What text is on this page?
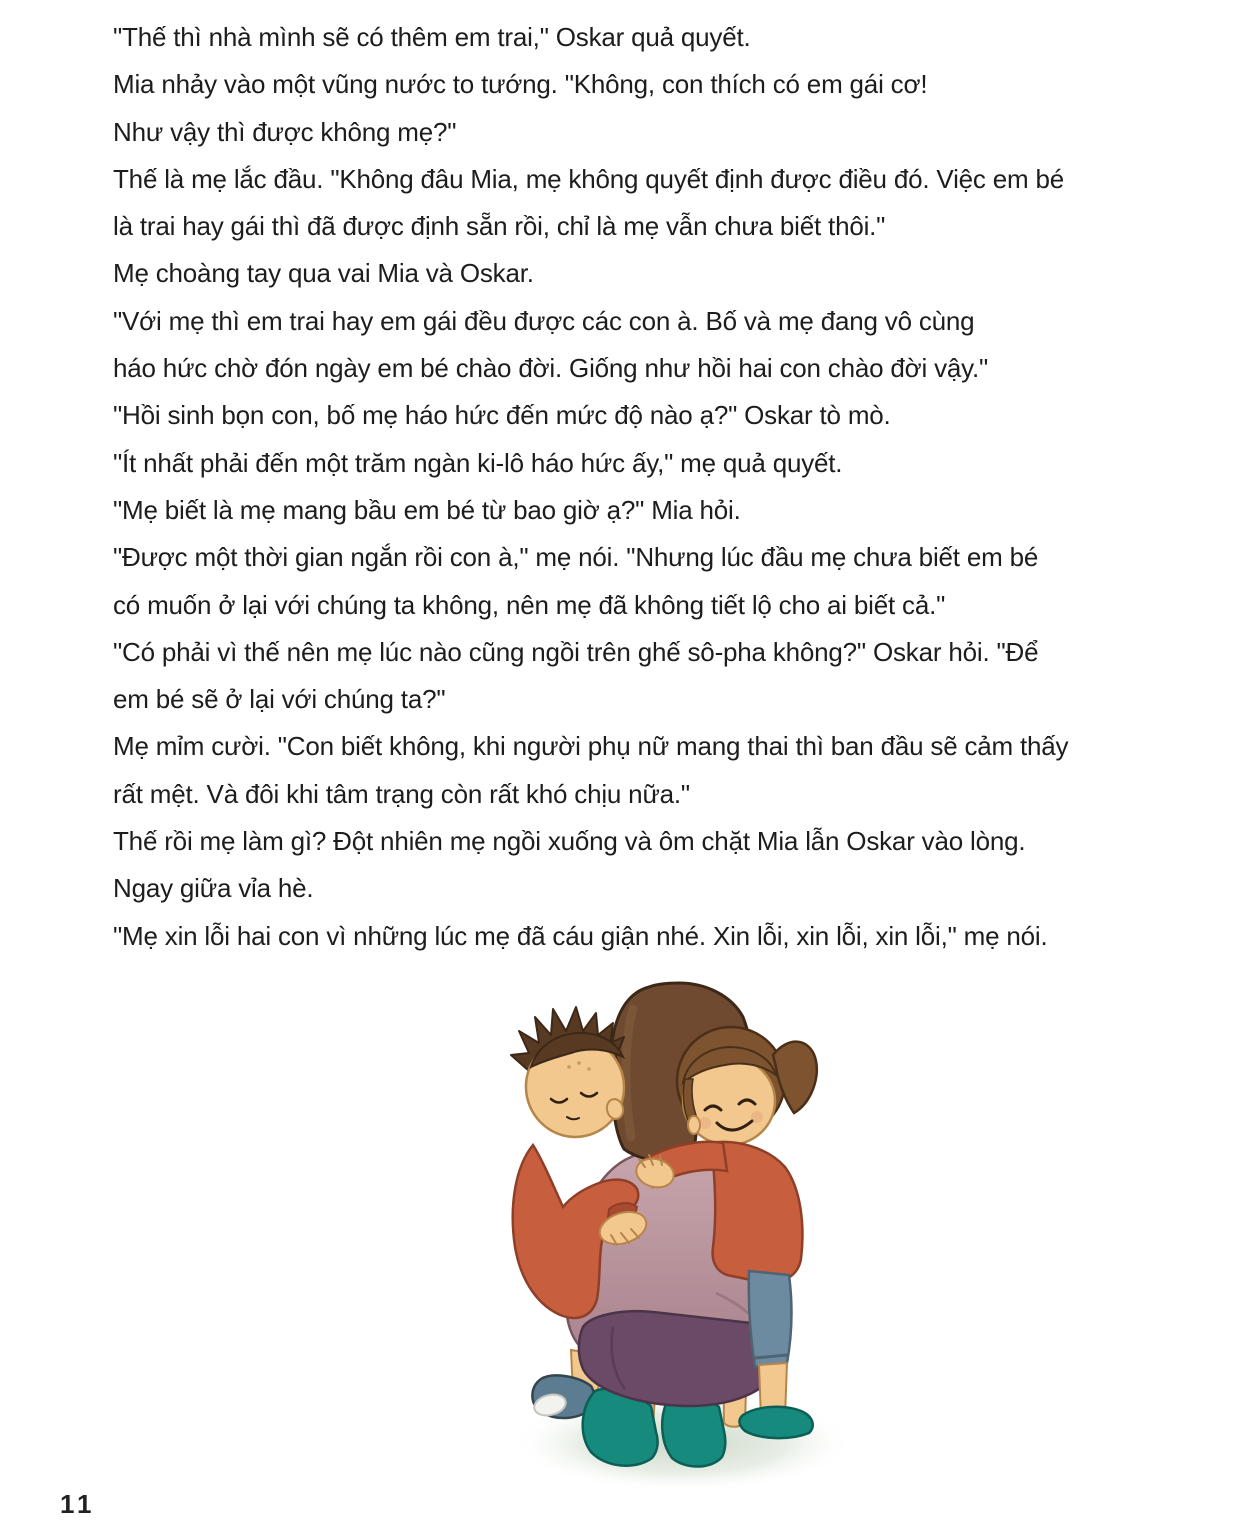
"Thế thì nhà mình sẽ có thêm em trai," Oskar quả quyết.
Mia nhảy vào một vũng nước to tướng. "Không, con thích có em gái cơ!
Như vậy thì được không mẹ?"
Thế là mẹ lắc đầu. "Không đâu Mia, mẹ không quyết định được điều đó. Việc em bé
là trai hay gái thì đã được định sẵn rồi, chỉ là mẹ vẫn chưa biết thôi."
Mẹ choàng tay qua vai Mia và Oskar.
"Với mẹ thì em trai hay em gái đều được các con à. Bố và mẹ đang vô cùng
háo hức chờ đón ngày em bé chào đời. Giống như hồi hai con chào đời vậy."
"Hồi sinh bọn con, bố mẹ háo hức đến mức độ nào ạ?" Oskar tò mò.
"Ít nhất phải đến một trăm ngàn ki-lô háo hức ấy," mẹ quả quyết.
"Mẹ biết là mẹ mang bầu em bé từ bao giờ ạ?" Mia hỏi.
"Được một thời gian ngắn rồi con à," mẹ nói. "Nhưng lúc đầu mẹ chưa biết em bé
có muốn ở lại với chúng ta không, nên mẹ đã không tiết lộ cho ai biết cả."
"Có phải vì thế nên mẹ lúc nào cũng ngồi trên ghế sô-pha không?" Oskar hỏi. "Để
em bé sẽ ở lại với chúng ta?"
Mẹ mỉm cười. "Con biết không, khi người phụ nữ mang thai thì ban đầu sẽ cảm thấy
rất mệt. Và đôi khi tâm trạng còn rất khó chịu nữa."
Thế rồi mẹ làm gì? Đột nhiên mẹ ngồi xuống và ôm chặt Mia lẫn Oskar vào lòng.
Ngay giữa vỉa hè.
"Mẹ xin lỗi hai con vì những lúc mẹ đã cáu giận nhé. Xin lỗi, xin lỗi, xin lỗi," mẹ nói.
11
